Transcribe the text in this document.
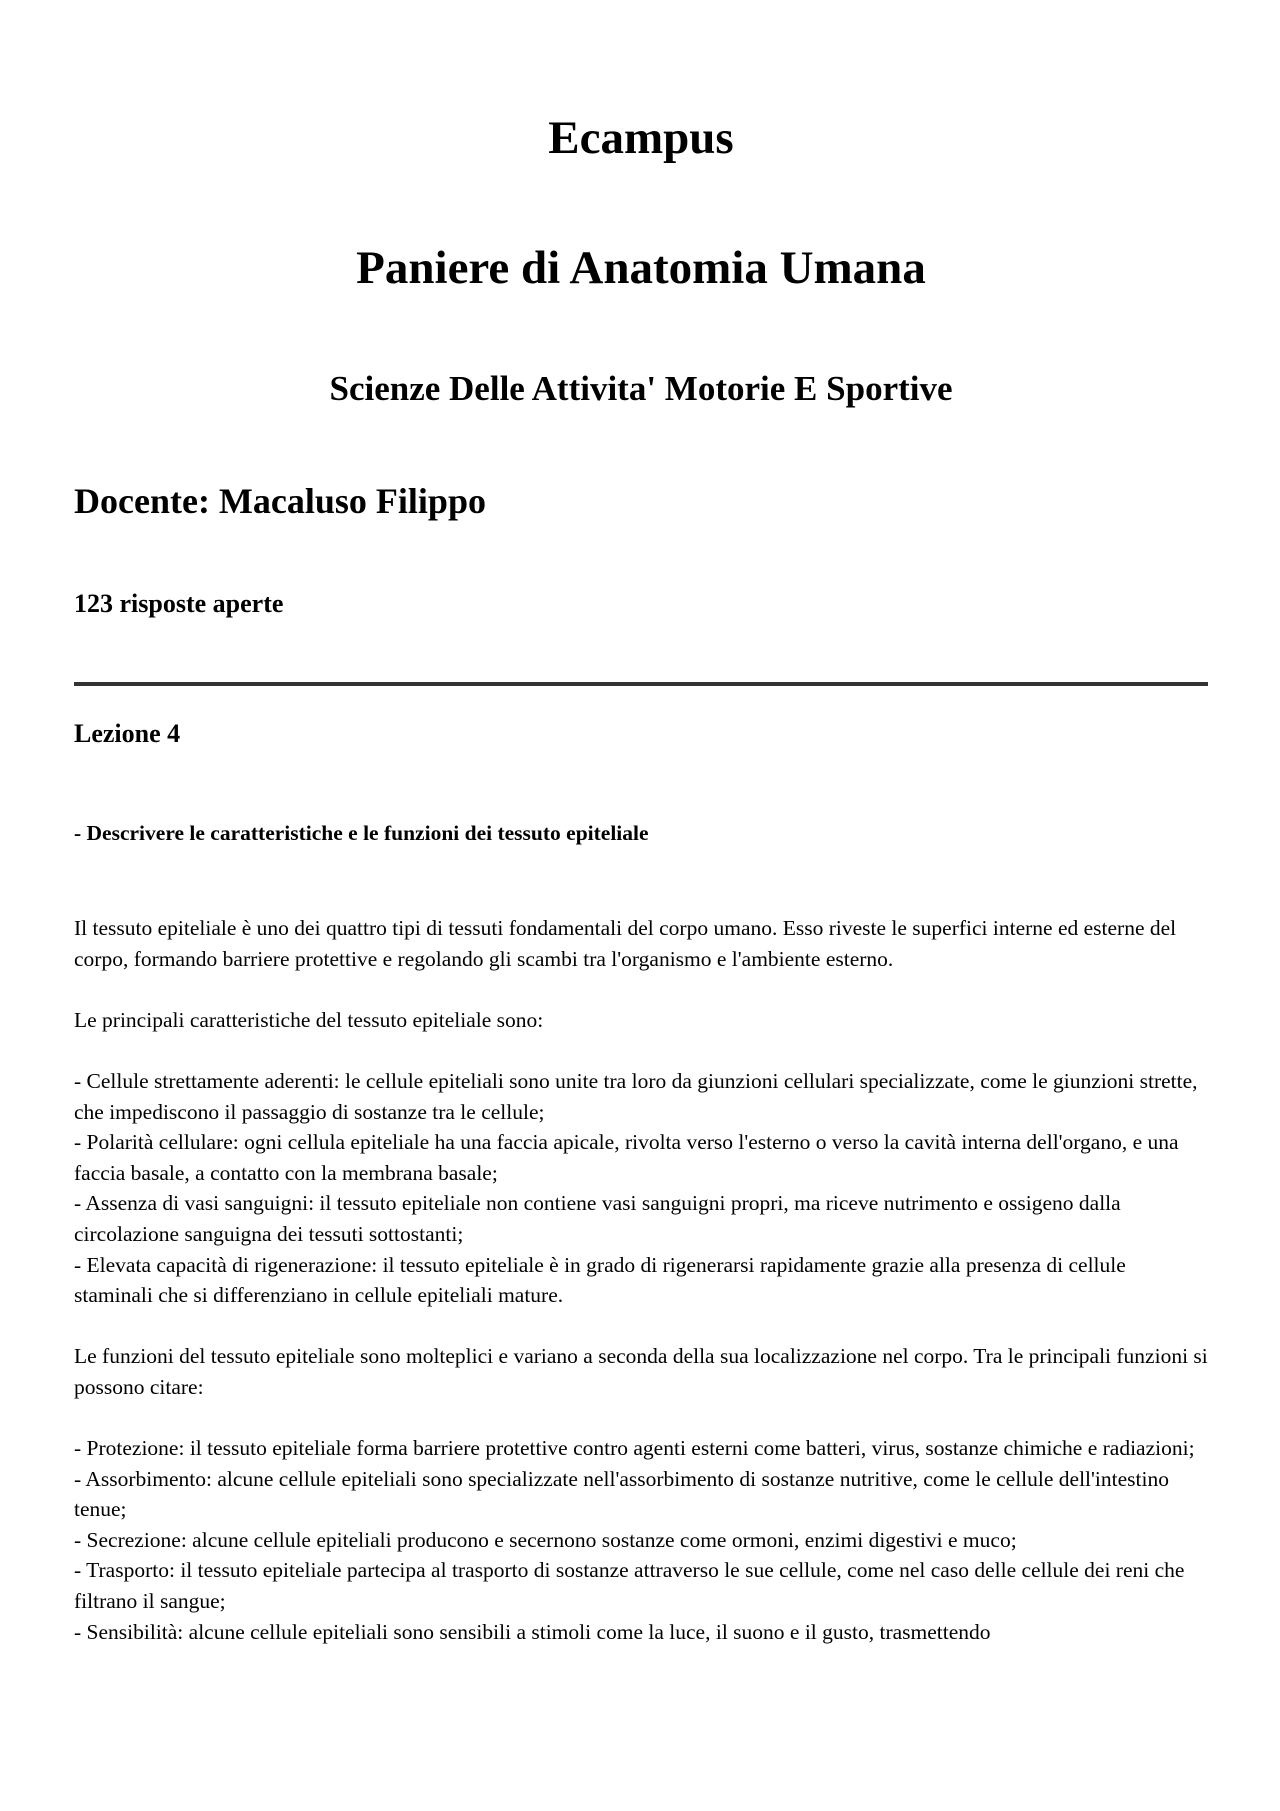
Ecampus
Paniere di Anatomia Umana
Scienze Delle Attivita' Motorie E Sportive
Docente: Macaluso Filippo
123 risposte aperte
Lezione 4
- Descrivere le caratteristiche e le funzioni dei tessuto epiteliale

Il tessuto epiteliale è uno dei quattro tipi di tessuti fondamentali del corpo umano. Esso riveste le superfici interne ed esterne del corpo, formando barriere protettive e regolando gli scambi tra l'organismo e l'ambiente esterno.

Le principali caratteristiche del tessuto epiteliale sono:

- Cellule strettamente aderenti: le cellule epiteliali sono unite tra loro da giunzioni cellulari specializzate, come le giunzioni strette, che impediscono il passaggio di sostanze tra le cellule;
- Polarità cellulare: ogni cellula epiteliale ha una faccia apicale, rivolta verso l'esterno o verso la cavità interna dell'organo, e una faccia basale, a contatto con la membrana basale;
- Assenza di vasi sanguigni: il tessuto epiteliale non contiene vasi sanguigni propri, ma riceve nutrimento e ossigeno dalla circolazione sanguigna dei tessuti sottostanti;
- Elevata capacità di rigenerazione: il tessuto epiteliale è in grado di rigenerarsi rapidamente grazie alla presenza di cellule staminali che si differenziano in cellule epiteliali mature.

Le funzioni del tessuto epiteliale sono molteplici e variano a seconda della sua localizzazione nel corpo. Tra le principali funzioni si possono citare:

- Protezione: il tessuto epiteliale forma barriere protettive contro agenti esterni come batteri, virus, sostanze chimiche e radiazioni;
- Assorbimento: alcune cellule epiteliali sono specializzate nell'assorbimento di sostanze nutritive, come le cellule dell'intestino tenue;
- Secrezione: alcune cellule epiteliali producono e secernono sostanze come ormoni, enzimi digestivi e muco;
- Trasporto: il tessuto epiteliale partecipa al trasporto di sostanze attraverso le sue cellule, come nel caso delle cellule dei reni che filtrano il sangue;
- Sensibilità: alcune cellule epiteliali sono sensibili a stimoli come la luce, il suono e il gusto, trasmettendo
